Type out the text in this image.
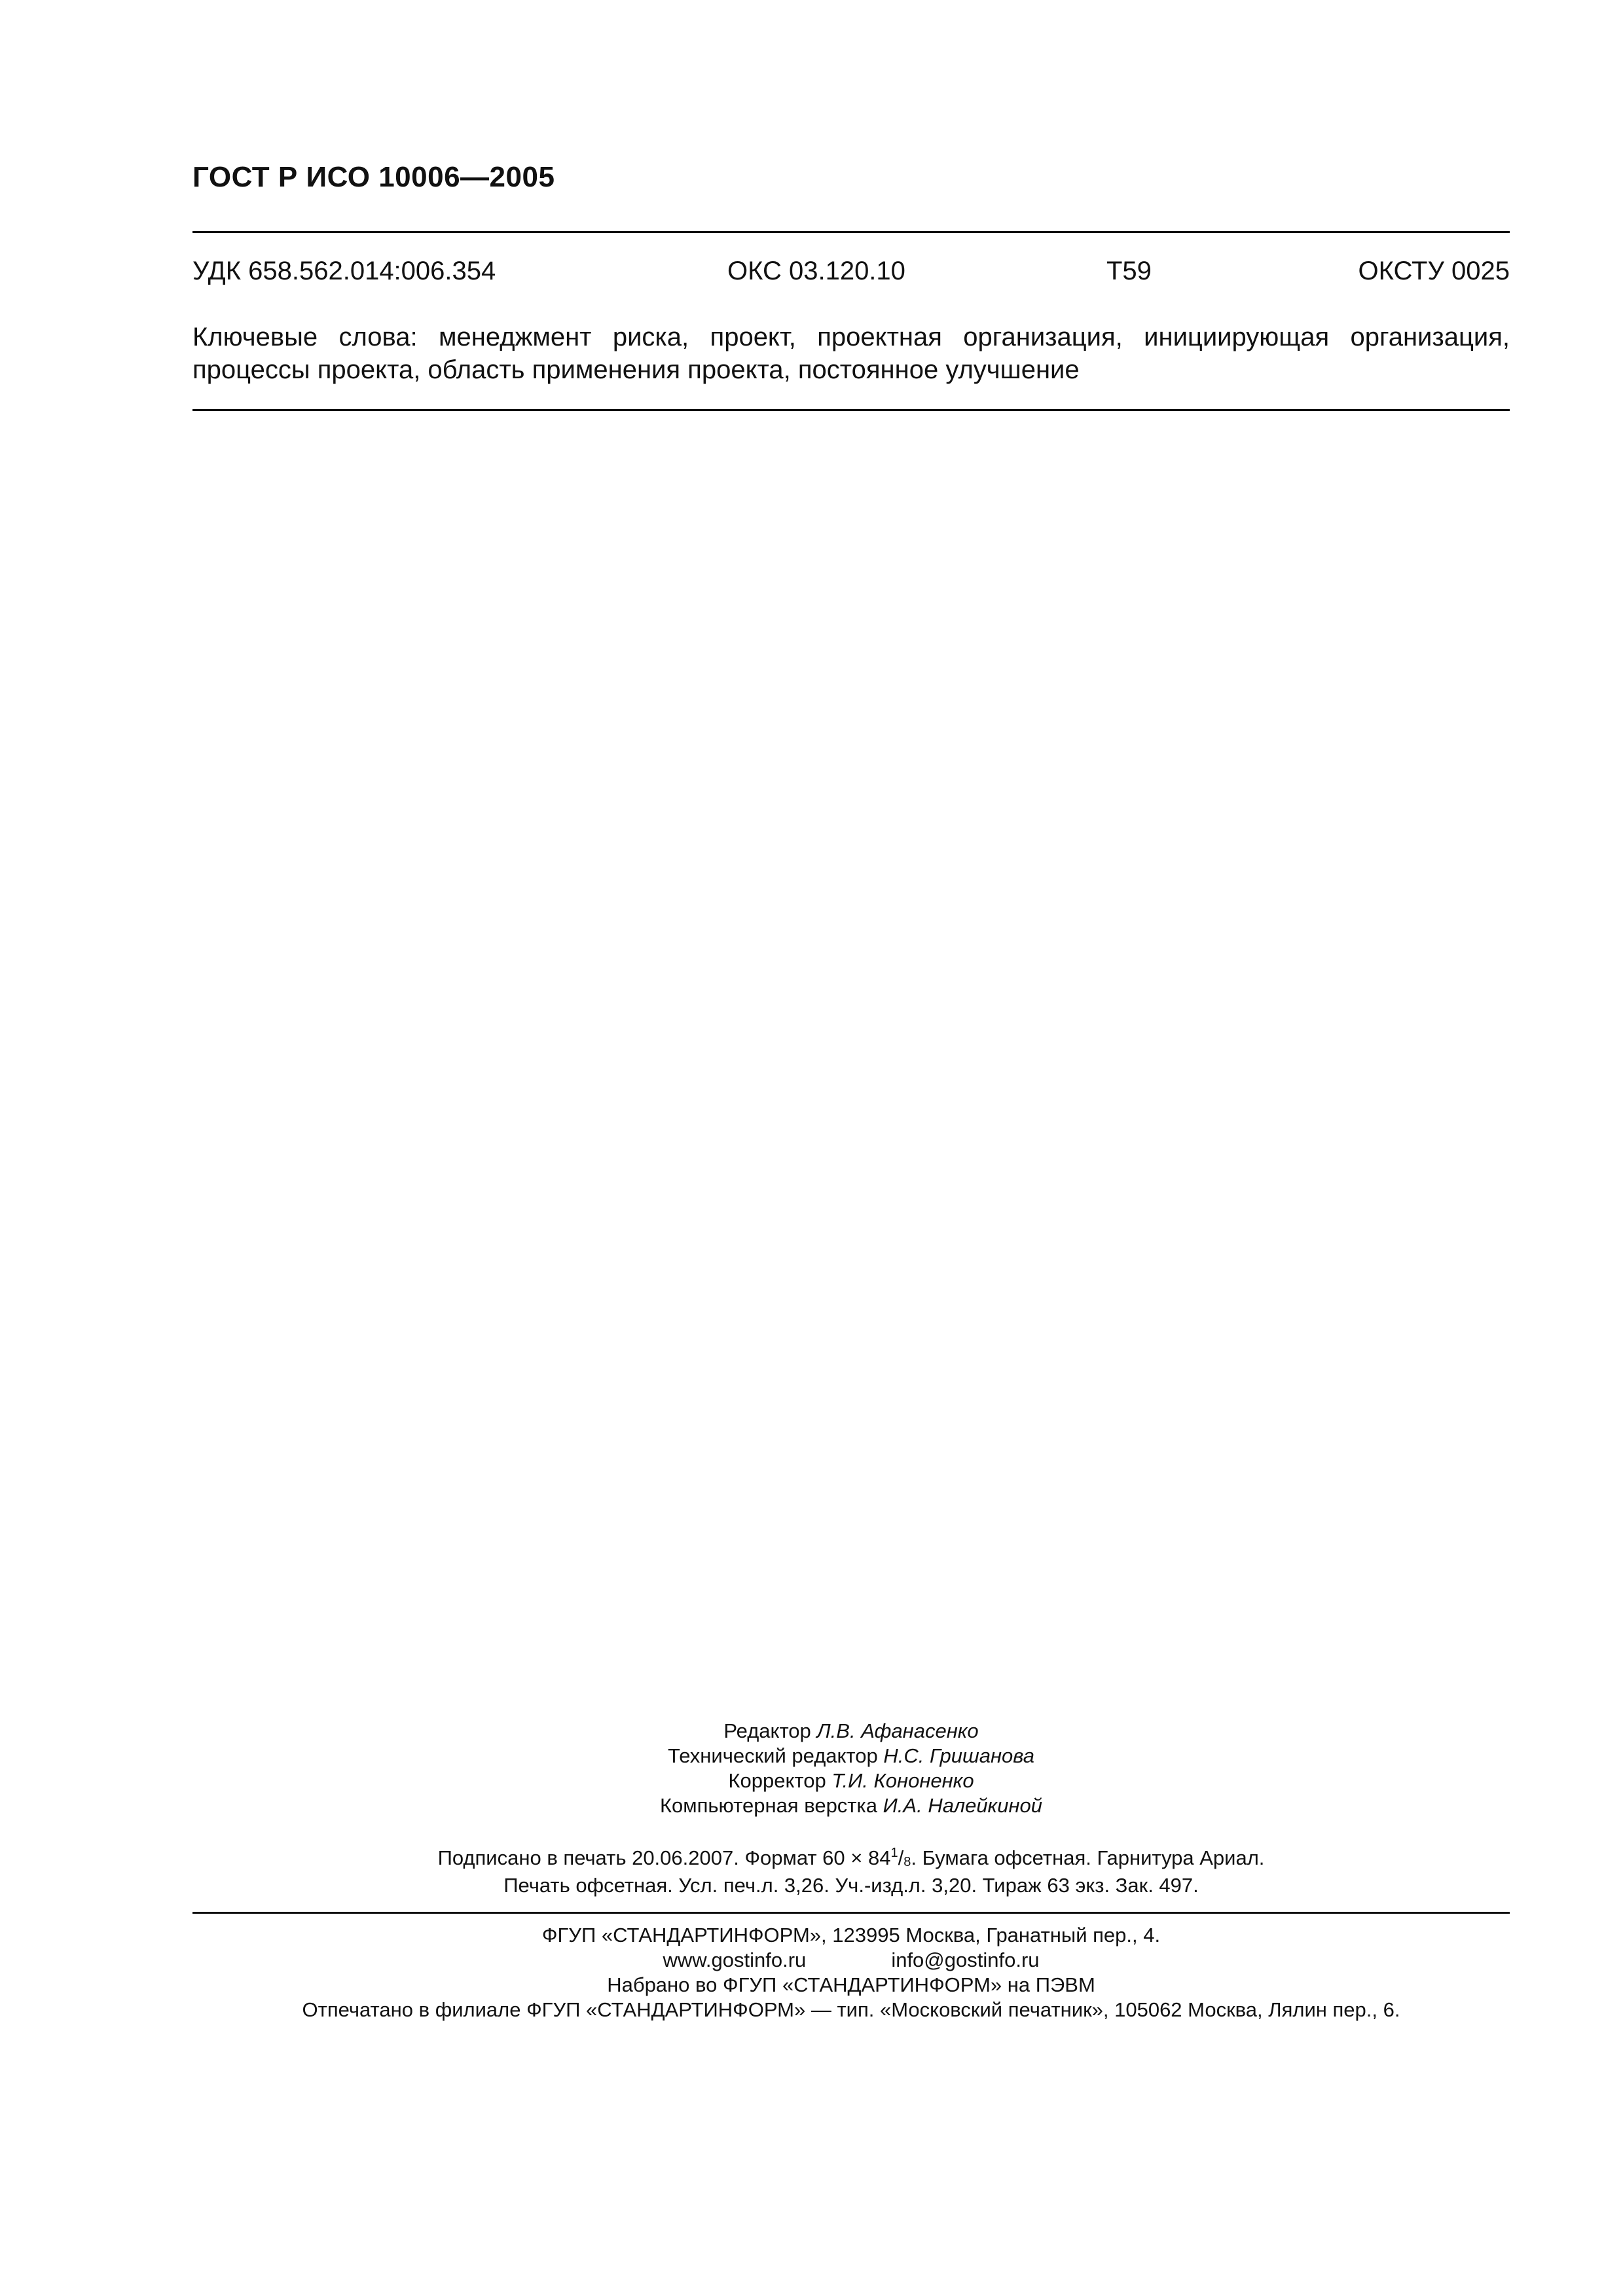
ГОСТ Р ИСО 10006—2005
УДК 658.562.014:006.354	ОКС 03.120.10	Т59	ОКСТУ 0025

Ключевые слова: менеджмент риска, проект, проектная организация, инициирующая организация, процессы проекта, область применения проекта, постоянное улучшение

Редактор Л.В. Афанасенко
Технический редактор Н.С. Гришанова
Корректор Т.И. Кононенко
Компьютерная верстка И.А. Налейкиной
Подписано в печать 20.06.2007. Формат $60 \times 84^1/_8$. Бумага офсетная. Гарнитура Ариал.
Печать офсетная. Усл. печ.л. 3,26. Уч.-изд.л. 3,20. Тираж 63 экз. Зак. 497.
ФГУП «СТАНДАРТИНФОРМ», 123995 Москва, Гранатный пер., 4.
www.gostinfo.ru	info@gostinfo.ru
Набрано во ФГУП «СТАНДАРТИНФОРМ» на ПЭВМ
Отпечатано в филиале ФГУП «СТАНДАРТИНФОРМ» — тип. «Московский печатник», 105062 Москва, Лялин пер., 6.
